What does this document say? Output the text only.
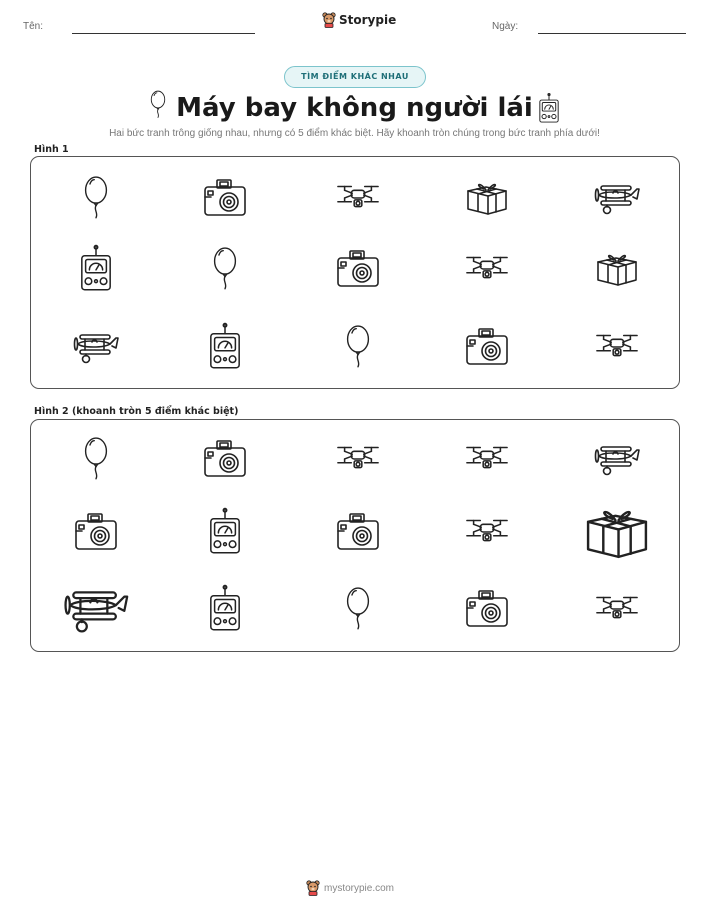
Tên:	Storypie	Ngày:
TÌM ĐIỂM KHÁC NHAU
Máy bay không người lái
Hai bức tranh trông giống nhau, nhưng có 5 điểm khác biệt. Hãy khoanh tròn chúng trong bức tranh phía dưới!
Hình 1
Hình 2 (khoanh tròn 5 điểm khác biệt)
mystorypie.com
